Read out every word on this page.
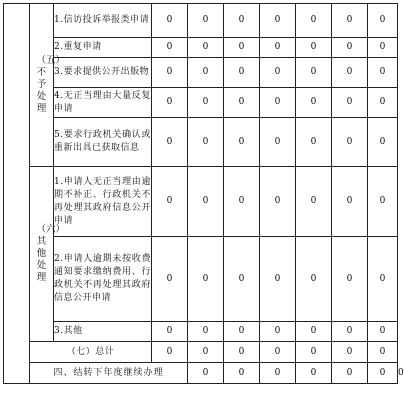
	（五）不予处理	1.信访投诉举报类申请	0	0	0	0	0	0	0	
		2.重复申请	0	0	0	0	0	0	0	
		3.要求提供公开出版物	0	0	0	0	0	0	0	
		4.无正当理由大量反复申请	0	0	0	0	0	0	0	
		5.要求行政机关确认或重新出具已获取信息	0	0	0	0	0	0	0	
	（六）其他处理	1.申请人无正当理由逾期不补正、行政机关不再处理其政府信息公开申请	0	0	0	0	0	0	0	
		2.申请人逾期未按收费通知要求缴纳费用、行政机关不再处理其政府信息公开申请	0	0	0	0	0	0	0	
		3.其他	0	0	0	0	0	0	0	
	（七）总计		0	0	0	0	0	0	0	
	四、结转下年度继续办理			0	0	0	0	0	0	0
